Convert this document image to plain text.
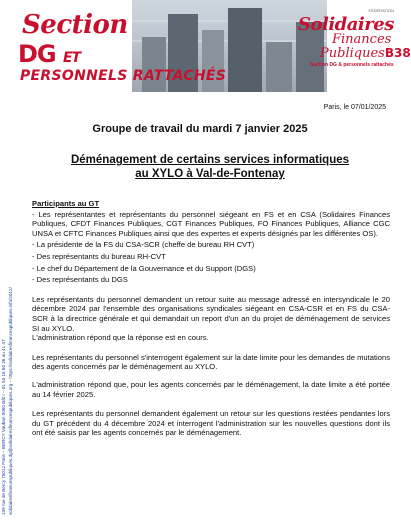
Section
DG ET
PERSONNELS RATTACHÉS
FÉDÉRATION
Solidaires
Finances
PubliquesB38
Section DG & personnels rattachés
139 rue de Bercy 75012 Paris – BERCY Vauban 0060 Bât I – 01 53 18 60 36 ou 41 47 solidairesfinancespubliques.dg@solidairesfinancespubliques.org – https://solidairesfinancespubliques.info/2012/
Paris, le 07/01/2025
Groupe de travail du mardi 7 janvier 2025
Déménagement de certains services informatiques
au XYLO à Val-de-Fontenay
Participants au GT
- Les représentantes et représentants du personnel siégeant en FS et en CSA (Solidaires Finances Publiques, CFDT Finances Publiques, CGT Finances Publiques, FO Finances Publiques, Alliance CGC UNSA et CFTC Finances Publiques ainsi que des expertes et experts désignés par les différentes OS).
- La présidente de la FS du CSA-SCR (cheffe de bureau RH CVT)
- Des représentants du bureau RH-CVT
- Le chef du Département de la Gouvernance et du Support (DGS)
- Des représentants du DGS
Les représentants du personnel demandent un retour suite au message adressé en intersyndicale le 20 décembre 2024 par l'ensemble des organisations syndicales siégeant en CSA-CSR et en FS du CSA-SCR à la directrice générale et qui demandait un report d'un an du projet de déménagement de services SI au XYLO.
L'administration répond que la réponse est en cours.
Les représentants du personnel s'interrogent également sur la date limite pour les demandes de mutations des agents concernés par le déménagement au XYLO.
L'administration répond que, pour les agents concernés par le déménagement, la date limite a été portée au 14 février 2025.
Les représentants du personnel demandent également un retour sur les questions restées pendantes lors du GT précédent du 4 décembre 2024 et interrogent l'administration sur les nouvelles questions dont ils ont été saisis par les agents concernés par le déménagement.
